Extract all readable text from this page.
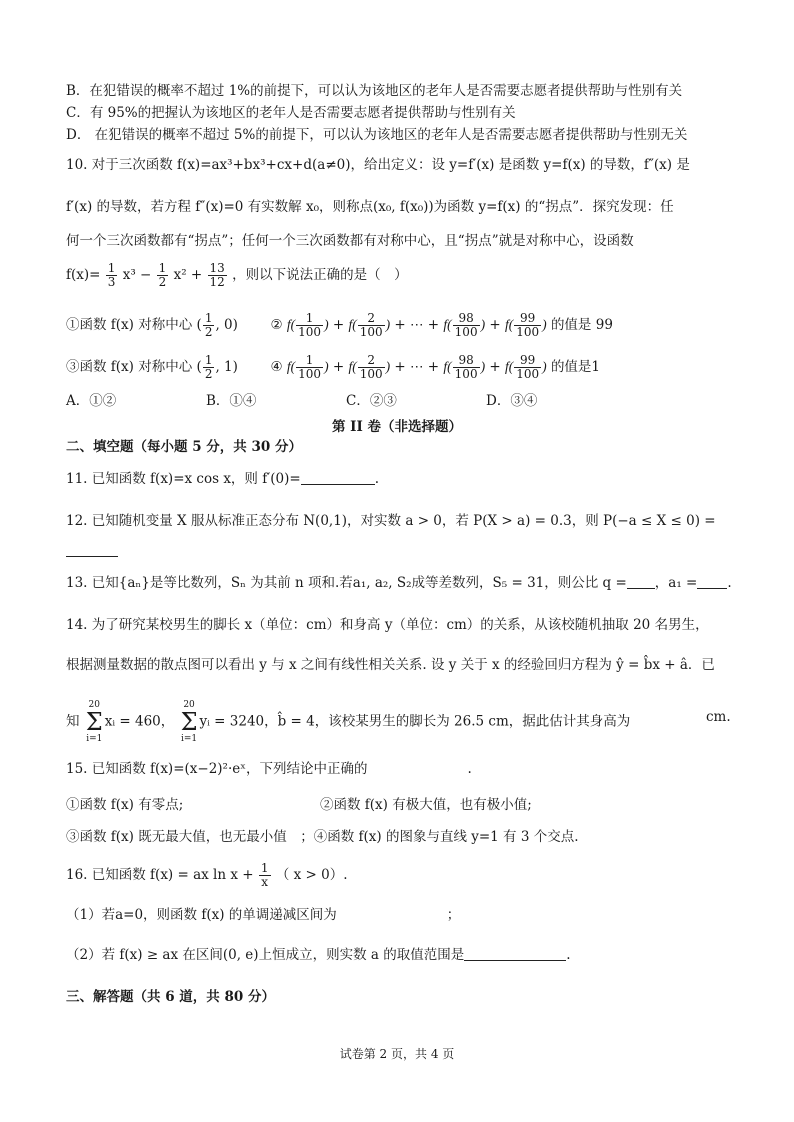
B．在犯错误的概率不超过 1%的前提下，可以认为该地区的老年人是否需要志愿者提供帮助与性别有关
C．有 95%的把握认为该地区的老年人是否需要志愿者提供帮助与性别有关
D． 在犯错误的概率不超过 5%的前提下，可以认为该地区的老年人是否需要志愿者提供帮助与性别无关
10. 对于三次函数 f(x)=ax³+bx³+cx+d(a≠0)，给出定义：设 y=f′(x) 是函数 y=f(x) 的导数，f″(x) 是
f′(x) 的导数，若方程 f″(x)=0 有实数解 x₀，则称点(x₀, f(x₀))为函数 y=f(x) 的“拐点”．探究发现：任
何一个三次函数都有“拐点”；任何一个三次函数都有对称中心，且“拐点”就是对称中心，设函数
$f(x)= \frac{1}{3} x^3 - \frac{1}{2} x^2 + \frac{13}{12}$ ，则以下说法正确的是（　）
①函数 f(x) 对称中心 ( $\frac{1}{2}$ , 0) ② $f( \frac{1}{100}$ ) + $f( \frac{2}{100}$ ) + ⋯ + $f( \frac{98}{100}$ ) + $f( \frac{99}{100}$ ) 的值是 99
③函数 f(x) 对称中心 ( $\frac{1}{2}$ , 1) ④ $f( \frac{1}{100}$ ) + $f( \frac{2}{100}$ ) + ⋯ + $f( \frac{98}{100}$ ) + $f( \frac{99}{100}$ ) 的值是1
A．①②	B．①④	C．②③	D．③④
第 II 卷（非选择题）
二、填空题（每小题 5 分，共 30 分）
11. 已知函数 f(x)=x cos x，则 f′(0)=	.
12. 已知随机变量 X 服从标准正态分布 N(0,1)，对实数 a > 0，若 P(X > a) = 0.3，则 P(−a ≤ X ≤ 0) =
13. 已知{aₙ}是等比数列，Sₙ 为其前 n 项和.若a₁, a₂, S₂成等差数列，S₅ = 31，则公比 q = ，a₁ = .
14. 为了研究某校男生的脚长 x（单位：cm）和身高 y（单位：cm）的关系，从该校随机抽取 20 名男生，
根据测量数据的散点图可以看出 y 与 x 之间有线性相关关系. 设 y 关于 x 的经验回归方程为 ŷ = b̂x + â．已
知 20
Σ
i=1xᵢ = 460， 20
Σ
i=1yᵢ = 3240，b̂ = 4，该校某男生的脚长为 26.5 cm，据此估计其身高为	cm.
15. 已知函数 f(x)=(x−2)²·eˣ，下列结论中正确的	.
①函数 f(x) 有零点;	②函数 f(x) 有极大值，也有极小值;
③函数 f(x) 既无最大值，也无最小值　；④函数 f(x) 的图象与直线 y=1 有 3 个交点.
16. 已知函数 f(x) = ax $\ln x + \frac{1}{x}$ （ x > 0）.
（1）若a=0，则函数 f(x) 的单调递减区间为	；
（2）若 f(x) ≥ ax 在区间(0, e)上恒成立，则实数 a 的取值范围是	.
三、解答题（共 6 道，共 80 分）
试卷第 2 页，共 4 页
